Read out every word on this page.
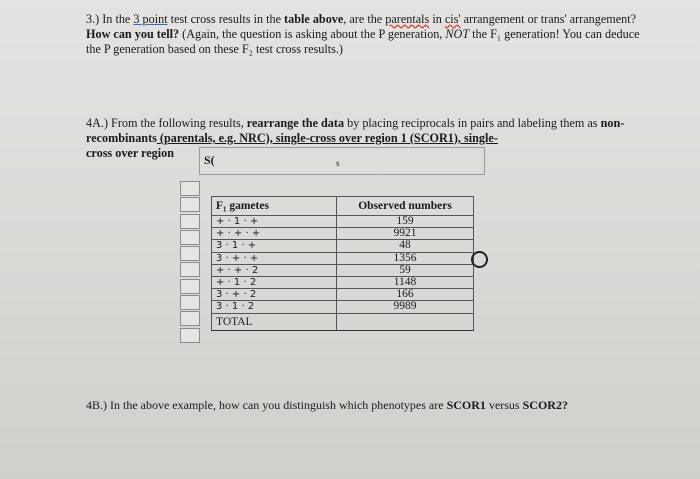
3.) In the 3 point test cross results in the table above, are the parentals in cis' arrangement or trans' arrangement? How can you tell? (Again, the question is asking about the P generation, NOT the F₁ generation! You can deduce the P generation based on these F₂ test cross results.)
4A.) From the following results, rearrange the data by placing reciprocals in pairs and labeling them as non-recombinants (parentals, e.g. NRC), single-cross over region 1 (SCOR1), single-
cross over region	S(	s
F₁ gametes	Observed numbers
+ · 1 · +	159
+ · + · +	9921
3 · 1 · +	48
3 · + · +	1356
+ · + · 2	59
+ · 1 · 2	1148
3 · + · 2	166
3 · 1 · 2	9989
TOTAL	
4B.) In the above example, how can you distinguish which phenotypes are SCOR1 versus SCOR2?
